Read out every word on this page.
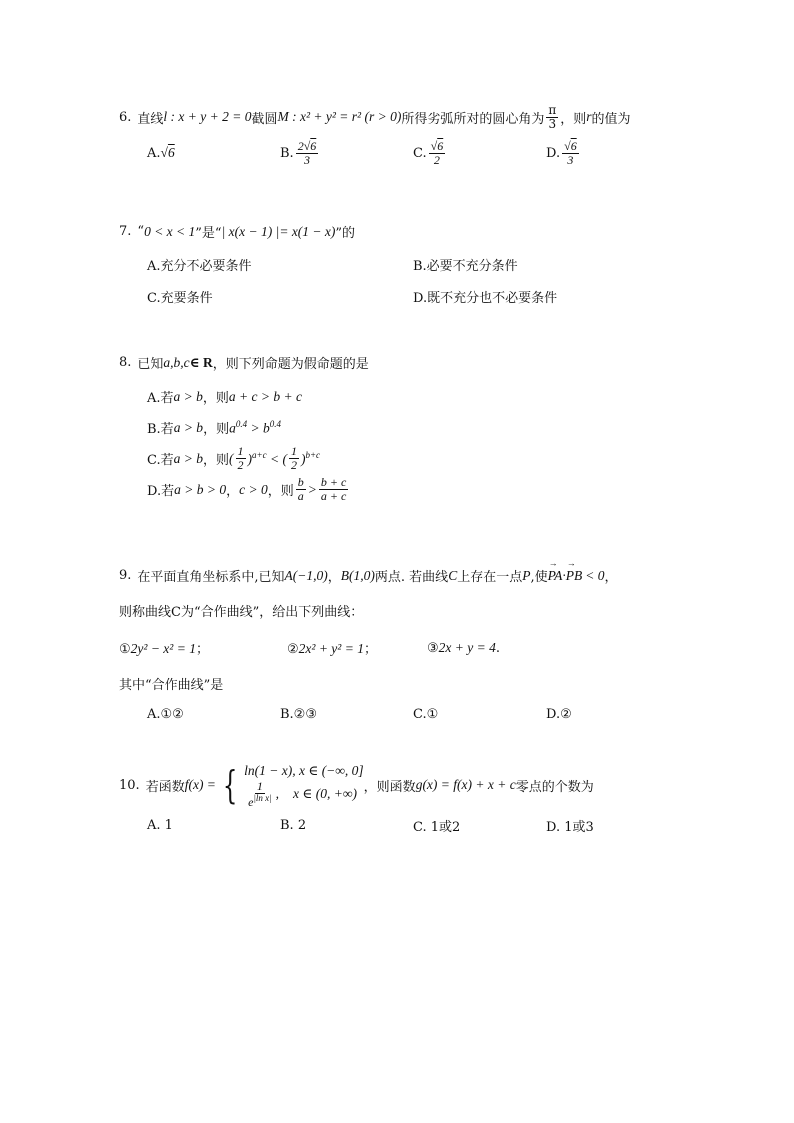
6. 直线 l : x + y + 2 = 0 截圆 M : x² + y² = r² (r > 0) 所得劣弧所对的圆心角为 $\frac{\pi}{3}$ ，则 r 的值为
A. √6	B. $\frac{2√6}{3}$	C. $\frac{√6}{2}$	D. $\frac{√6}{3}$
7. “ 0 < x < 1 ”是“ | x(x − 1) |= x(1 − x) ”的
A.充分不必要条件	B.必要不充分条件
C.充要条件	D.既不充分也不必要条件
8. 已知 a,b,c ∈ R ，则下列命题为假命题的是
A.若 a > b ，则 a + c > b + c
B.若 a > b ，则 $a^{0.4} > b^{0.4}$
C.若 a > b ，则 ( $\frac{1}{2} )^{a+c}$ < ( $\frac{1}{2} )^{b+c}$
D.若 a > b > 0 ， c > 0 ，则 $\frac{b}{a} > \frac{b + c}{a + c}$
9. 在平面直角坐标系中,已知 A(−1,0) ， B(1,0) 两点. 若曲线 C 上存在一点 P ,使 → PA · → PB < 0 ，
则称曲线C为“合作曲线”，给出下列曲线：
①2y² − x² = 1；	②2x² + y² = 1；	③2x + y = 4.
其中“合作曲线”是
A.①②	B.②③	C.①	D.②
10. 若函数 f(x) = { ln(1 − x), x ∈ (−∞, 0]
$\frac{1}{e^{|ln x|}}$ , x ∈ (0, +∞) ，则函数 g(x) = f(x) + x + c 零点的个数为
A. 1	B. 2	C. 1或2	D. 1或3
